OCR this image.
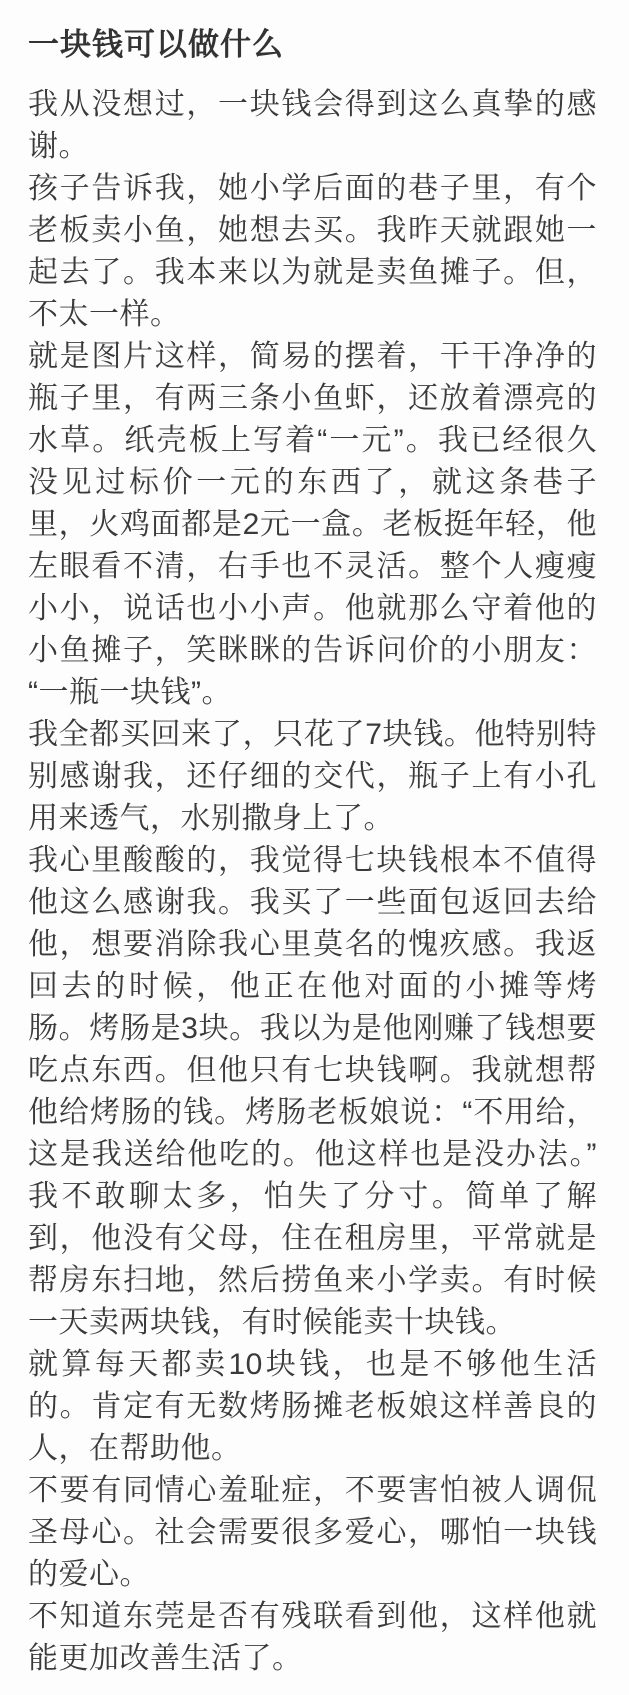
一块钱可以做什么

我从没想过，一块钱会得到这么真挚的感谢。

孩子告诉我，她小学后面的巷子里，有个老板卖小鱼，她想去买。我昨天就跟她一起去了。我本来以为就是卖鱼摊子。但，不太一样。

就是图片这样，简易的摆着，干干净净的瓶子里，有两三条小鱼虾，还放着漂亮的水草。纸壳板上写着“一元”。我已经很久没见过标价一元的东西了，就这条巷子里，火鸡面都是2元一盒。老板挺年轻，他左眼看不清，右手也不灵活。整个人瘦瘦小小，说话也小小声。他就那么守着他的小鱼摊子，笑眯眯的告诉问价的小朋友：“一瓶一块钱”。

我全都买回来了，只花了7块钱。他特别特别感谢我，还仔细的交代，瓶子上有小孔用来透气，水别撒身上了。

我心里酸酸的，我觉得七块钱根本不值得他这么感谢我。我买了一些面包返回去给他，想要消除我心里莫名的愧疚感。我返回去的时候，他正在他对面的小摊等烤肠。烤肠是3块。我以为是他刚赚了钱想要吃点东西。但他只有七块钱啊。我就想帮他给烤肠的钱。烤肠老板娘说：“不用给，这是我送给他吃的。他这样也是没办法。”我不敢聊太多，怕失了分寸。简单了解到，他没有父母，住在租房里，平常就是帮房东扫地，然后捞鱼来小学卖。有时候一天卖两块钱，有时候能卖十块钱。

就算每天都卖10块钱，也是不够他生活的。肯定有无数烤肠摊老板娘这样善良的人，在帮助他。

不要有同情心羞耻症，不要害怕被人调侃圣母心。社会需要很多爱心，哪怕一块钱的爱心。

不知道东莞是否有残联看到他，这样他就能更加改善生活了。
